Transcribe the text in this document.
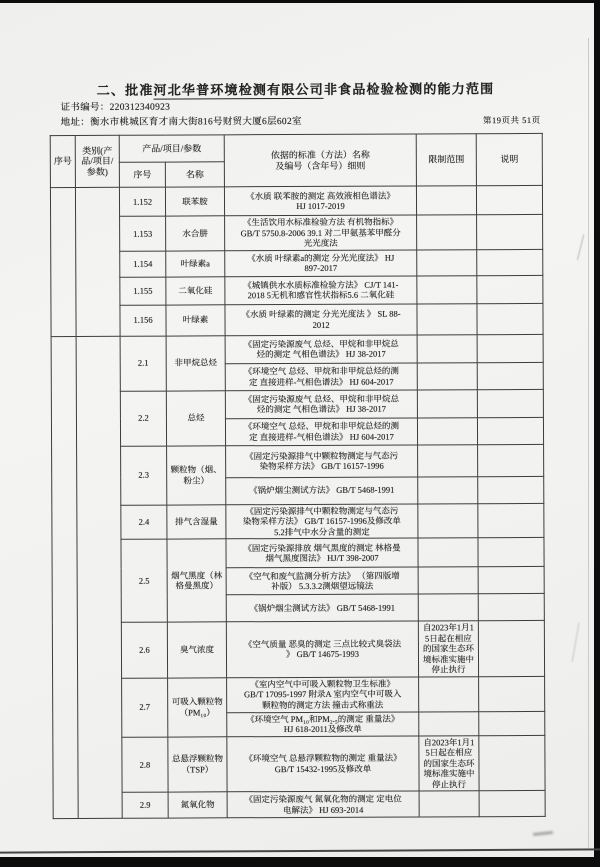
二、批准河北华普环境检测有限公司非食品检验检测的能力范围
证书编号：220312340923
地址：衡水市桃城区育才南大街816号财贸大厦6层602室	第19页共 51页
序号	类别(产品/项目/参数)	产品/项目/参数		依据的标准（方法）名称
及编号（含年号）细则	限制范围	说明
		序号	名称			
		1.152	联苯胺	《水质 联苯胺的测定 高效液相色谱法》
HJ 1017-2019		
		1.153	水合肼	《生活饮用水标准检验方法 有机物指标》
GB/T 5750.8-2006 39.1 对二甲氨基苯甲醛分
光光度法		
		1.154	叶绿素a	《水质 叶绿素a的测定 分光光度法》 HJ
897-2017		
		1.155	二氧化硅	《城镇供水水质标准检验方法》 CJ/T 141-
2018 5无机和感官性状指标5.6 二氧化硅		
		1.156	叶绿素	《水质 叶绿素的测定 分光光度法 》 SL 88-
2012		
		2.1	非甲烷总烃	《固定污染源废气 总烃、甲烷和非甲烷总
烃的测定 气相色谱法》 HJ 38-2017		
				《环境空气 总烃、甲烷和非甲烷总烃的测
定 直接进样-气相色谱法》 HJ 604-2017		
		2.2	总烃	《固定污染源废气 总烃、甲烷和非甲烷总
烃的测定 气相色谱法》 HJ 38-2017		
				《环境空气 总烃、甲烷和非甲烷总烃的测
定 直接进样-气相色谱法》 HJ 604-2017		
		2.3	颗粒物（烟、粉尘）	《固定污染源排气中颗粒物测定与气态污
染物采样方法》 GB/T 16157-1996		
				《锅炉烟尘测试方法》 GB/T 5468-1991		
		2.4	排气含湿量	《固定污染源排气中颗粒物测定与气态污
染物采样方法》 GB/T 16157-1996及修改单
5.2排气中水分含量的测定		
		2.5	烟气黑度（林格曼黑度）	《固定污染源排放 烟气黑度的测定 林格曼
烟气黑度图法》 HJ/T 398-2007		
				《空气和废气监测分析方法》 （第四版增
补版） 5.3.3.2测烟望远镜法		
				《锅炉烟尘测试方法》 GB/T 5468-1991		
		2.6	臭气浓度	《空气质量 恶臭的测定 三点比较式臭袋法
》 GB/T 14675-1993	自2023年1月15日起在相应的国家生态环境标准实施中停止执行	
		2.7	可吸入颗粒物（PM₁₀）	《室内空气中可吸入颗粒物卫生标准》
GB/T 17095-1997 附录A 室内空气中可吸入
颗粒物的测定方法 撞击式称重法		
				《环境空气 PM₁₀和PM₂.₅的测定 重量法》
HJ 618-2011及修改单		
		2.8	总悬浮颗粒物（TSP）	《环境空气 总悬浮颗粒物的测定 重量法》
GB/T 15432-1995及修改单	自2023年1月15日起在相应的国家生态环境标准实施中停止执行	
		2.9	氮氧化物	《固定污染源废气 氮氧化物的测定 定电位
电解法》 HJ 693-2014		
